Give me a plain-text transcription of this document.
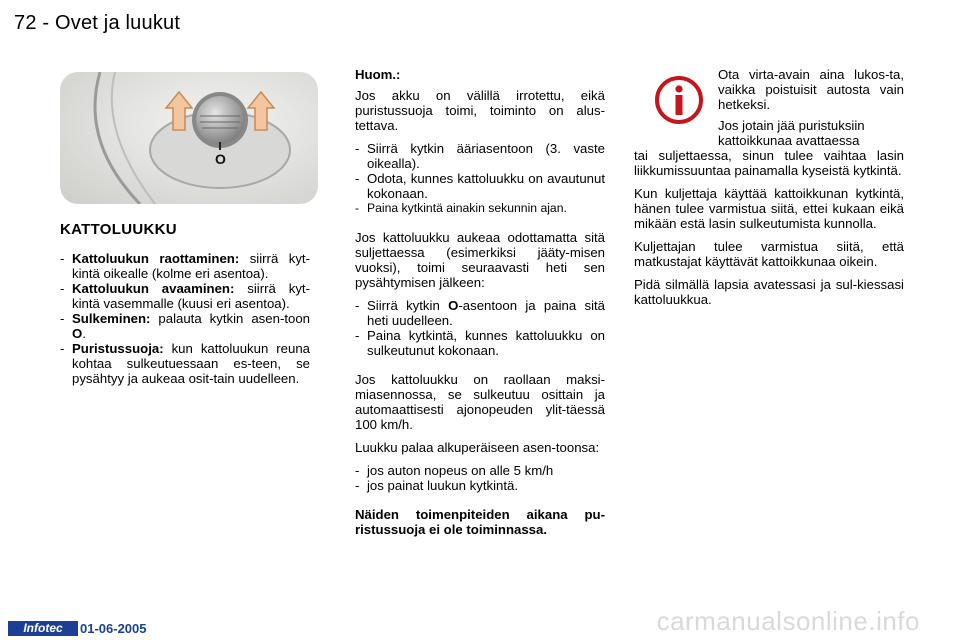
72 - Ovet ja luukut
O
KATTOLUUKKU
- Kattoluukun raottaminen: siirrä kyt-kintä oikealle (kolme eri asentoa).
- Kattoluukun avaaminen: siirrä kyt-kintä vasemmalle (kuusi eri asentoa).
- Sulkeminen: palauta kytkin asen-toon O.
- Puristussuoja: kun kattoluukun reuna kohtaa sulkeutuessaan es-teen, se pysähtyy ja aukeaa osit-tain uudelleen.

Huom.:

Jos akku on välillä irrotettu, eikä puristussuoja toimi, toiminto on alus-tettava.

- Siirrä kytkin ääriasentoon (3. vaste oikealla).
- Odota, kunnes kattoluukku on avautunut kokonaan.
- Paina kytkintä ainakin sekunnin ajan.

Jos kattoluukku aukeaa odottamatta sitä suljettaessa (esimerkiksi jääty-misen vuoksi), toimi seuraavasti heti sen pysähtymisen jälkeen:

- Siirrä kytkin O-asentoon ja paina sitä heti uudelleen.
- Paina kytkintä, kunnes kattoluukku on sulkeutunut kokonaan.

Jos kattoluukku on raollaan maksi-miasennossa, se sulkeutuu osittain ja automaattisesti ajonopeuden ylit-täessä 100 km/h.

Luukku palaa alkuperäiseen asen-toonsa:

- jos auton nopeus on alle 5 km/h
- jos painat luukun kytkintä.

Näiden toimenpiteiden aikana pu-ristussuoja ei ole toiminnassa.

Ota virta-avain aina lukos-ta, vaikka poistuisit autosta vain hetkeksi.

Jos jotain jää puristuksiin

kattoikkunaa avattaessa

tai suljettaessa, sinun tulee vaihtaa lasin liikkumissuuntaa painamalla kyseistä kytkintä.

Kun kuljettaja käyttää kattoikkunan kytkintä, hänen tulee varmistua siitä, ettei kukaan eikä mikään estä lasin sulkeutumista kunnolla.

Kuljettajan tulee varmistua siitä, että matkustajat käyttävät kattoikkunaa oikein.

Pidä silmällä lapsia avatessasi ja sul-kiessasi kattoluukkua.

Infotec	01-06-2005	carmanualsonline.info
